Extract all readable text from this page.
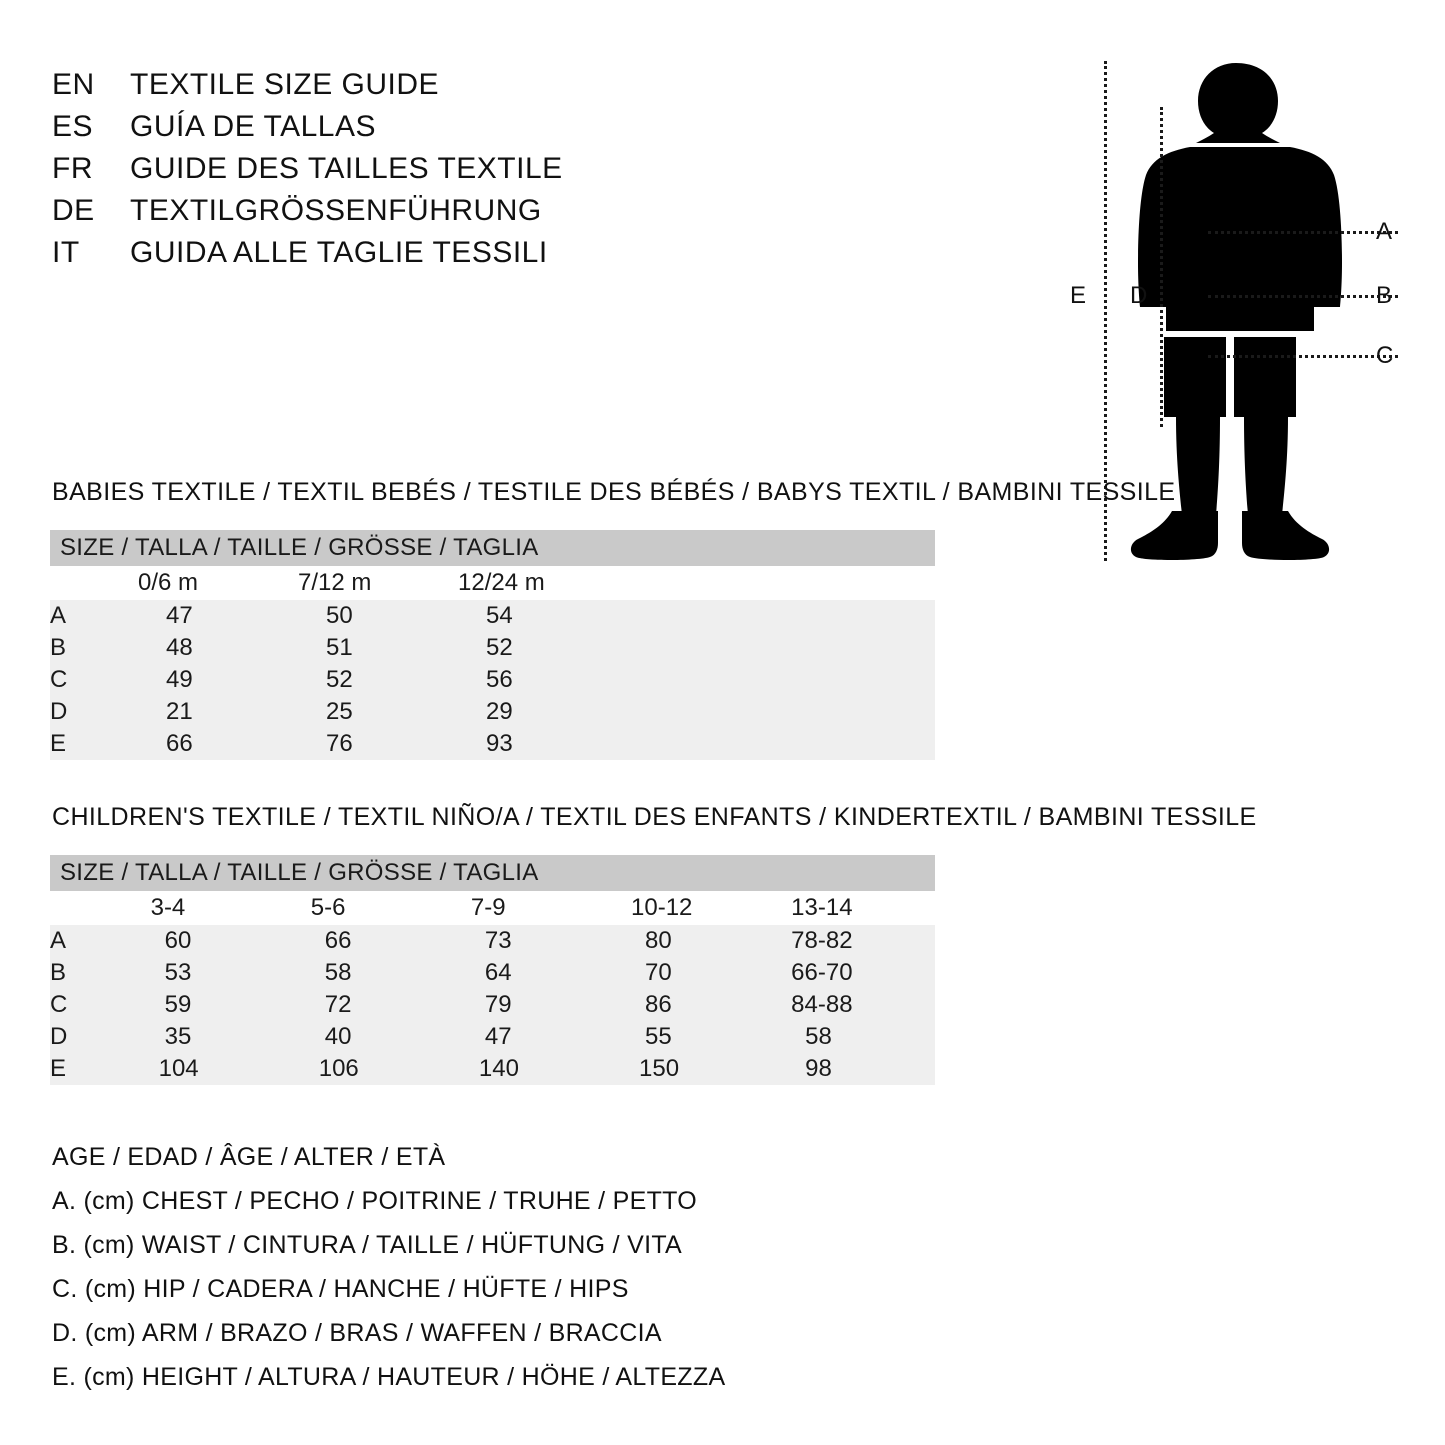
EN	TEXTILE SIZE GUIDE
ES	GUÍA DE TALLAS
FR	GUIDE DES TAILLES TEXTILE
DE	TEXTILGRÖSSENFÜHRUNG
IT	GUIDA ALLE TAGLIE TESSILI
A
B
C
D
E
BABIES TEXTILE / TEXTIL BEBÉS / TESTILE DES BÉBÉS / BABYS TEXTIL / BAMBINI TESSILE
SIZE / TALLA / TAILLE / GRÖSSE / TAGLIA				
	0/6 m	7/12 m	12/24 m	
A	47	50	54	
B	48	51	52	
C	49	52	56	
D	21	25	29	
E	66	76	93	
CHILDREN'S TEXTILE / TEXTIL NIÑO/A / TEXTIL DES ENFANTS / KINDERTEXTIL / BAMBINI TESSILE
SIZE / TALLA / TAILLE / GRÖSSE / TAGLIA					
	3-4	5-6	7-9	10-12	13-14
A	60	66	73	80	78-82
B	53	58	64	70	66-70
C	59	72	79	86	84-88
D	35	40	47	55	58
E	104	106	140	150	98
AGE / EDAD / ÂGE / ALTER / ETÀ
A. (cm) CHEST / PECHO / POITRINE / TRUHE / PETTO
B. (cm) WAIST / CINTURA / TAILLE / HÜFTUNG / VITA
C. (cm) HIP / CADERA / HANCHE / HÜFTE / HIPS
D. (cm) ARM / BRAZO / BRAS / WAFFEN / BRACCIA
E. (cm) HEIGHT / ALTURA / HAUTEUR / HÖHE / ALTEZZA
